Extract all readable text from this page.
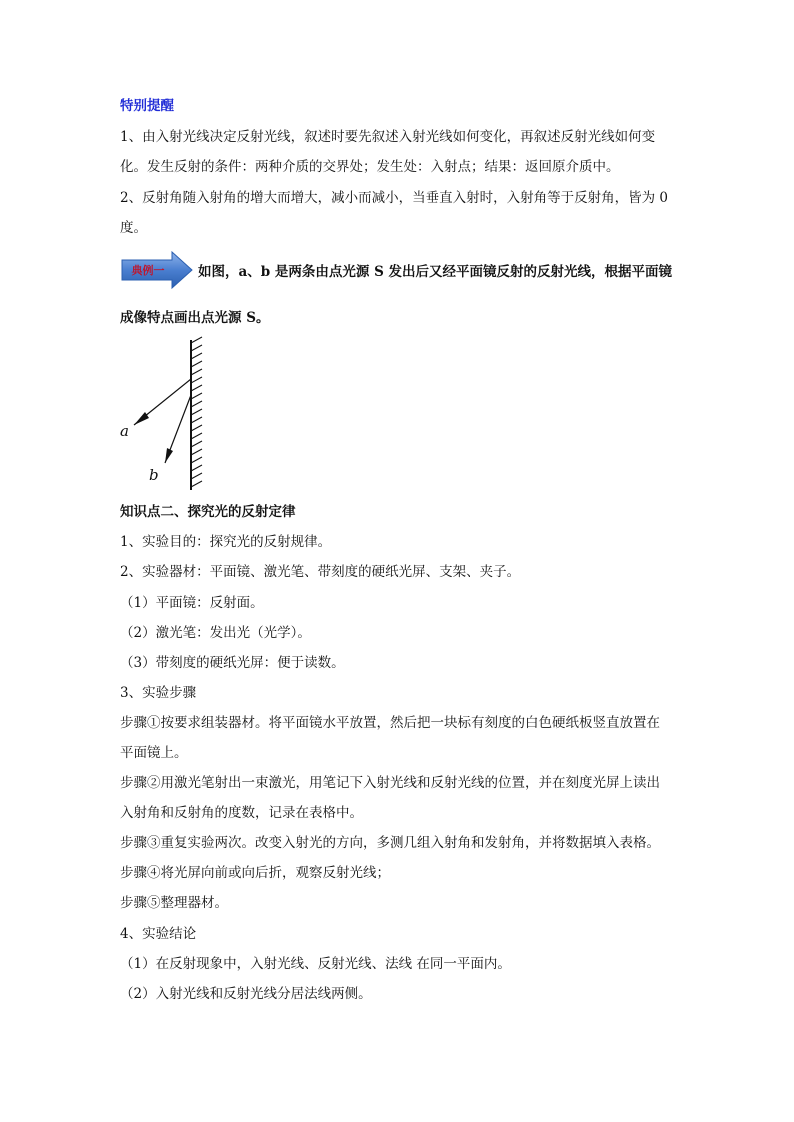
特别提醒
1、由入射光线决定反射光线，叙述时要先叙述入射光线如何变化，再叙述反射光线如何变
化。发生反射的条件：两种介质的交界处；发生处：入射点；结果：返回原介质中。
2、反射角随入射角的增大而增大，减小而减小，当垂直入射时，入射角等于反射角，皆为 0
度。
典例一 如图，a、b 是两条由点光源 S 发出后又经平面镜反射的反射光线，根据平面镜
成像特点画出点光源 S。
a
b
知识点二、探究光的反射定律
1、实验目的：探究光的反射规律。
2、实验器材：平面镜、激光笔、带刻度的硬纸光屏、支架、夹子。
（1）平面镜：反射面。
（2）激光笔：发出光（光学）。
（3）带刻度的硬纸光屏：便于读数。
3、实验步骤
步骤①按要求组装器材。将平面镜水平放置，然后把一块标有刻度的白色硬纸板竖直放置在
平面镜上。
步骤②用激光笔射出一束激光，用笔记下入射光线和反射光线的位置，并在刻度光屏上读出
入射角和反射角的度数，记录在表格中。
步骤③重复实验两次。改变入射光的方向，多测几组入射角和发射角，并将数据填入表格。
步骤④将光屏向前或向后折，观察反射光线；
步骤⑤整理器材。
4、实验结论
（1）在反射现象中，入射光线、反射光线、法线 在同一平面内。
（2）入射光线和反射光线分居法线两侧。
